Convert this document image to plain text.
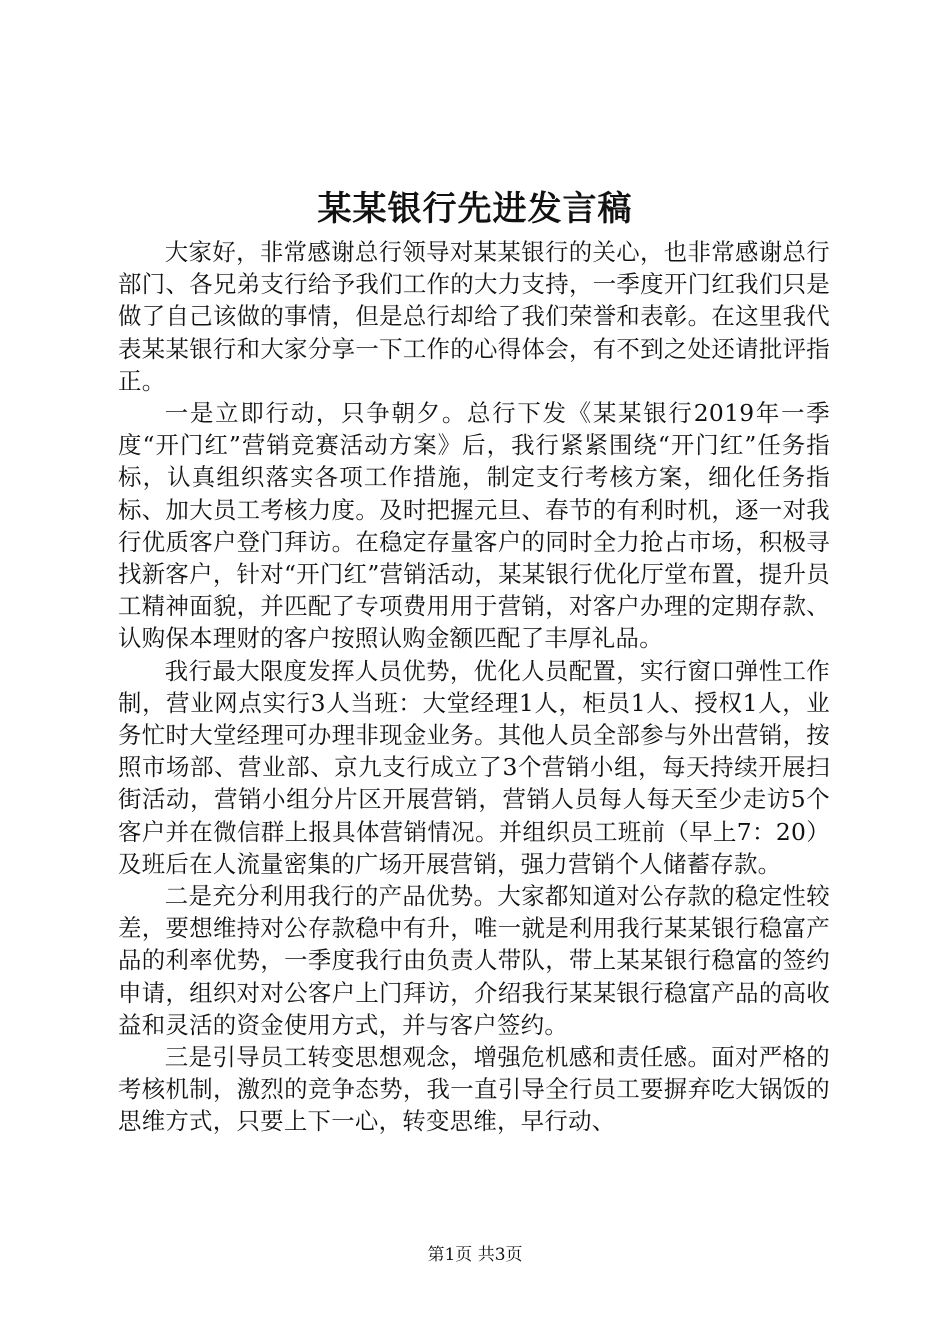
某某银行先进发言稿

大家好，非常感谢总行领导对某某银行的关心，也非常感谢总行部门、各兄弟支行给予我们工作的大力支持，一季度开门红我们只是做了自己该做的事情，但是总行却给了我们荣誉和表彰。在这里我代表某某银行和大家分享一下工作的心得体会，有不到之处还请批评指正。

一是立即行动，只争朝夕。总行下发《某某银行2019年一季度“开门红”营销竞赛活动方案》后，我行紧紧围绕“开门红”任务指标，认真组织落实各项工作措施，制定支行考核方案，细化任务指标、加大员工考核力度。及时把握元旦、春节的有利时机，逐一对我行优质客户登门拜访。在稳定存量客户的同时全力抢占市场，积极寻找新客户，针对“开门红”营销活动，某某银行优化厅堂布置，提升员工精神面貌，并匹配了专项费用用于营销，对客户办理的定期存款、认购保本理财的客户按照认购金额匹配了丰厚礼品。

我行最大限度发挥人员优势，优化人员配置，实行窗口弹性工作制，营业网点实行3人当班：大堂经理1人，柜员1人、授权1人，业务忙时大堂经理可办理非现金业务。其他人员全部参与外出营销，按照市场部、营业部、京九支行成立了3个营销小组，每天持续开展扫街活动，营销小组分片区开展营销，营销人员每人每天至少走访5个客户并在微信群上报具体营销情况。并组织员工班前（早上7：20）及班后在人流量密集的广场开展营销，强力营销个人储蓄存款。

二是充分利用我行的产品优势。大家都知道对公存款的稳定性较差，要想维持对公存款稳中有升，唯一就是利用我行某某银行稳富产品的利率优势，一季度我行由负责人带队，带上某某银行稳富的签约申请，组织对对公客户上门拜访，介绍我行某某银行稳富产品的高收益和灵活的资金使用方式，并与客户签约。

三是引导员工转变思想观念，增强危机感和责任感。面对严格的考核机制，激烈的竞争态势，我一直引导全行员工要摒弃吃大锅饭的思维方式，只要上下一心，转变思维，早行动、

第1页 共3页
